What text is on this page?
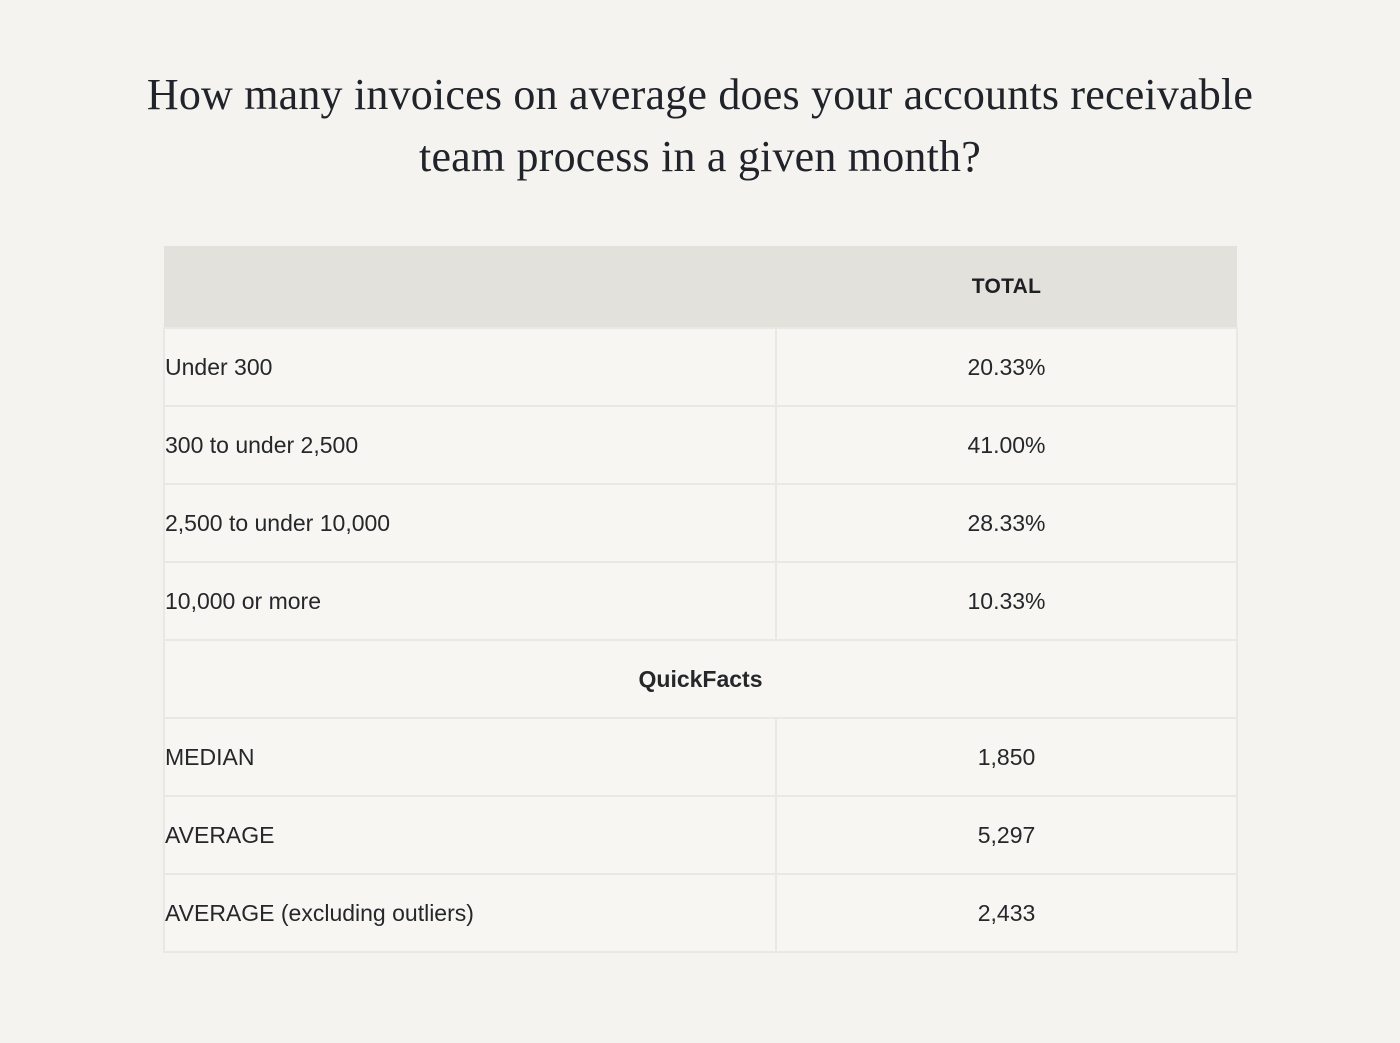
How many invoices on average does your accounts receivable
team process in a given month?
	TOTAL
Under 300	20.33%
300 to under 2,500	41.00%
2,500 to under 10,000	28.33%
10,000 or more	10.33%
QuickFacts	
MEDIAN	1,850
AVERAGE	5,297
AVERAGE (excluding outliers)	2,433
